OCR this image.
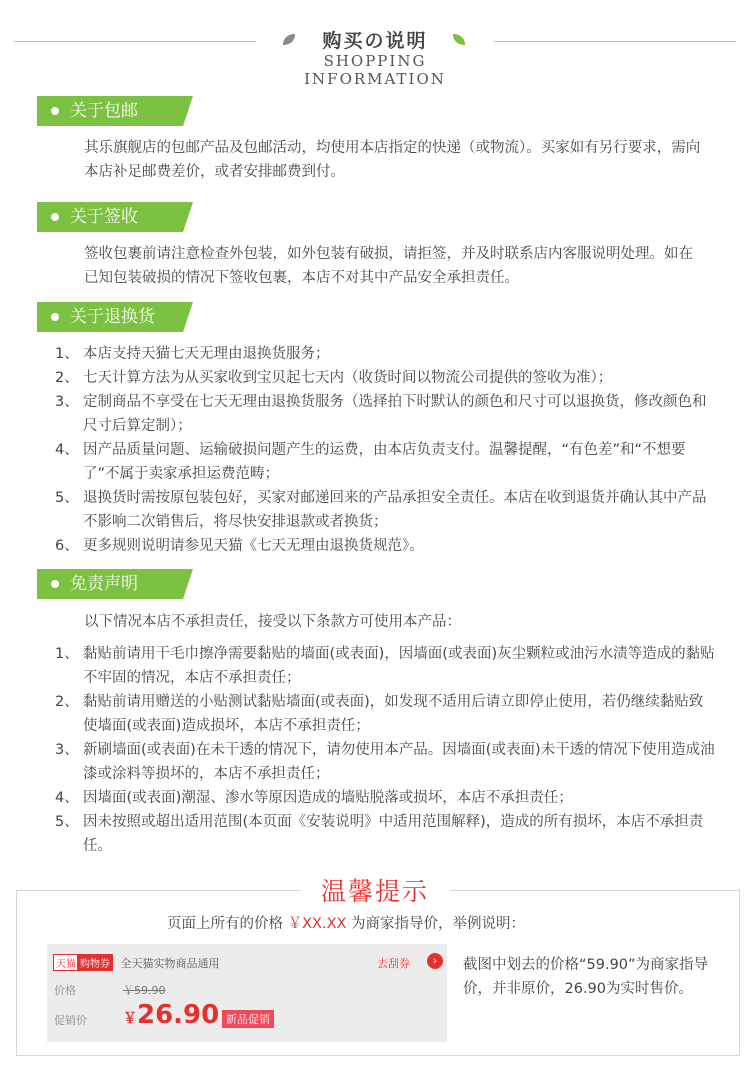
购买の说明
SHOPPING INFORMATION
关于包邮
其乐旗舰店的包邮产品及包邮活动，均使用本店指定的快递（或物流）。买家如有另行要求，需向本店补足邮费差价，或者安排邮费到付。
关于签收
签收包裹前请注意检查外包装，如外包装有破损，请拒签，并及时联系店内客服说明处理。如在已知包装破损的情况下签收包裹，本店不对其中产品安全承担责任。
关于退换货
1、 本店支持天猫七天无理由退换货服务；
2、 七天计算方法为从买家收到宝贝起七天内（收货时间以物流公司提供的签收为准）；
3、 定制商品不享受在七天无理由退换货服务（选择拍下时默认的颜色和尺寸可以退换货，修改颜色和尺寸后算定制）；
4、 因产品质量问题、运输破损问题产生的运费，由本店负责支付。温馨提醒，“有色差”和“不想要了”不属于卖家承担运费范畴；
5、 退换货时需按原包装包好，买家对邮递回来的产品承担安全责任。本店在收到退货并确认其中产品不影响二次销售后，将尽快安排退款或者换货；
6、 更多规则说明请参见天猫《七天无理由退换货规范》。
免责声明
以下情况本店不承担责任，接受以下条款方可使用本产品：
1、 黏贴前请用干毛巾擦净需要黏贴的墙面(或表面)，因墙面(或表面)灰尘颗粒或油污水渍等造成的黏贴不牢固的情况，本店不承担责任；
2、 黏贴前请用赠送的小贴测试黏贴墙面(或表面)，如发现不适用后请立即停止使用，若仍继续黏贴致使墙面(或表面)造成损坏，本店不承担责任；
3、 新刷墙面(或表面)在未干透的情况下，请勿使用本产品。因墙面(或表面)未干透的情况下使用造成油漆或涂料等损坏的，本店不承担责任；
4、 因墙面(或表面)潮湿、渗水等原因造成的墙贴脱落或损坏，本店不承担责任；
5、 因未按照或超出适用范围(本页面《安装说明》中适用范围解释)，造成的所有损坏，本店不承担责任。
温馨提示
页面上所有的价格 ￥XX.XX 为商家指导价，举例说明：
天猫 购物券 全天猫实物商品通用	去刮券	›
价格	￥59.90
促销价	￥26.90 新品促销
截图中划去的价格“59.90”为商家指导价，并非原价，26.90为实时售价。
